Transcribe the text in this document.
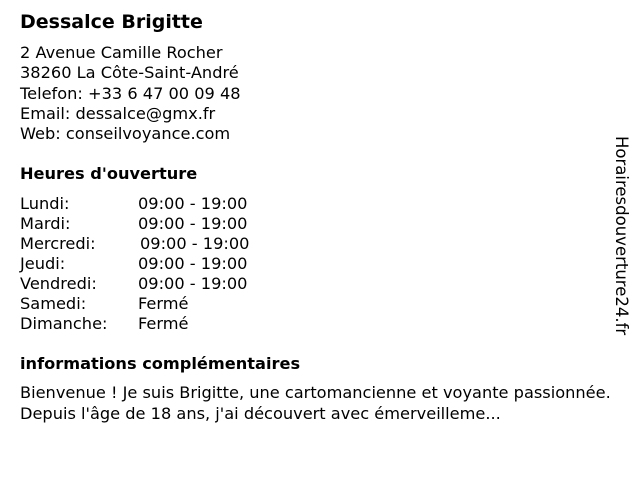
Dessalce Brigitte
2 Avenue Camille Rocher
38260 La Côte-Saint-André
Telefon: +33 6 47 00 09 48
Email: dessalce@gmx.fr
Web: conseilvoyance.com
Heures d'ouverture
Lundi:	09:00 - 19:00
Mardi:	09:00 - 19:00
Mercredi:	09:00 - 19:00
Jeudi:	09:00 - 19:00
Vendredi:	09:00 - 19:00
Samedi:	Fermé
Dimanche: Fermé
informations complémentaires
Bienvenue ! Je suis Brigitte, une cartomancienne et voyante passionnée. Depuis l'âge de 18 ans, j'ai découvert avec émerveilleme...
Horairesdouverture24.fr
